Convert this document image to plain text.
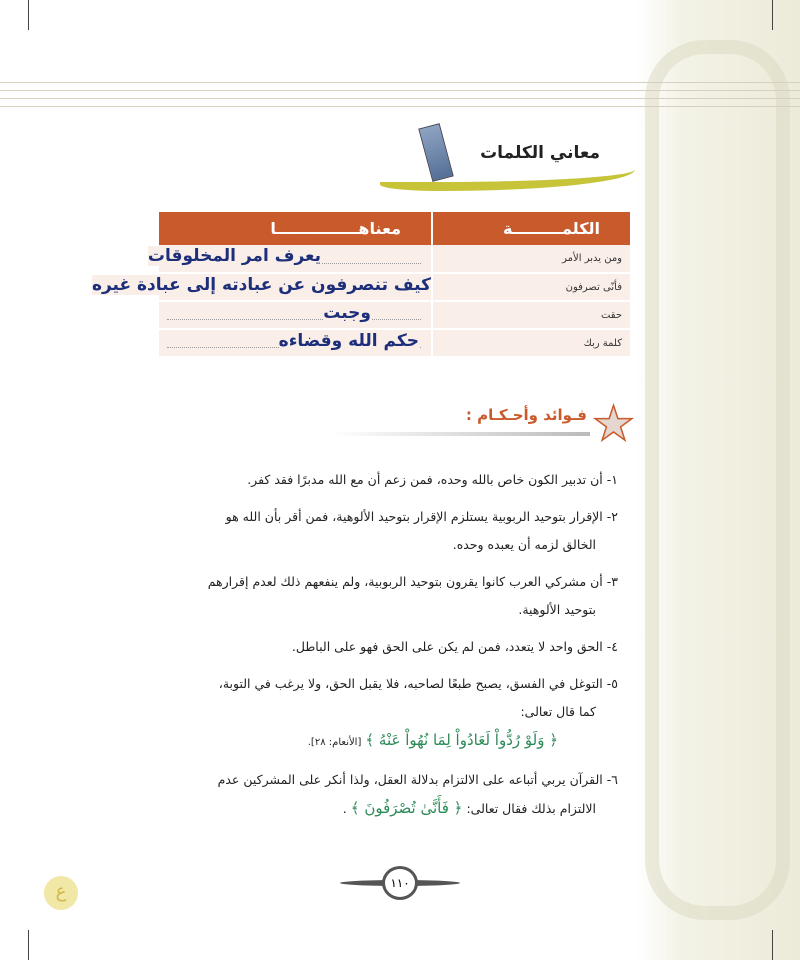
معاني الكلمات
الكلمـــــــــة	معناهـــــــــــــــا
ومن يدبر الأمر	يعرف امر المخلوقات

فأنّى تصرفون	كيف تنصرفون عن عبادته إلى عبادة غيره

حقت	وجبت

كلمة ربك	حكم الله وقضاءه
★
فـوائد وأحـكـام :
١- أن تدبير الكون خاص بالله وحده، فمن زعم أن مع الله مدبرًا فقد كفر.
٢- الإقرار بتوحيد الربوبية يستلزم الإقرار بتوحيد الألوهية، فمن أقر بأن الله هو
الخالق لزمه أن يعبده وحده.
٣- أن مشركي العرب كانوا يقرون بتوحيد الربوبية، ولم ينفعهم ذلك لعدم إقرارهم
بتوحيد الألوهية.
٤- الحق واحد لا يتعدد، فمن لم يكن على الحق فهو على الباطل.
٥- التوغل في الفسق، يصبح طبعًا لصاحبه، فلا يقبل الحق، ولا يرغب في التوبة،
كما قال تعالى:
﴿ وَلَوْ رُدُّواْ لَعَادُواْ لِمَا نُهُواْ عَنْهُ ﴾ [الأنعام: ٢٨].
٦- القرآن يربي أتباعه على الالتزام بدلالة العقل، ولذا أنكر على المشركين عدم
الالتزام بذلك فقال تعالى: ﴿ فَأَنَّىٰ تُصْرَفُونَ ﴾ .
١١٠
ع
